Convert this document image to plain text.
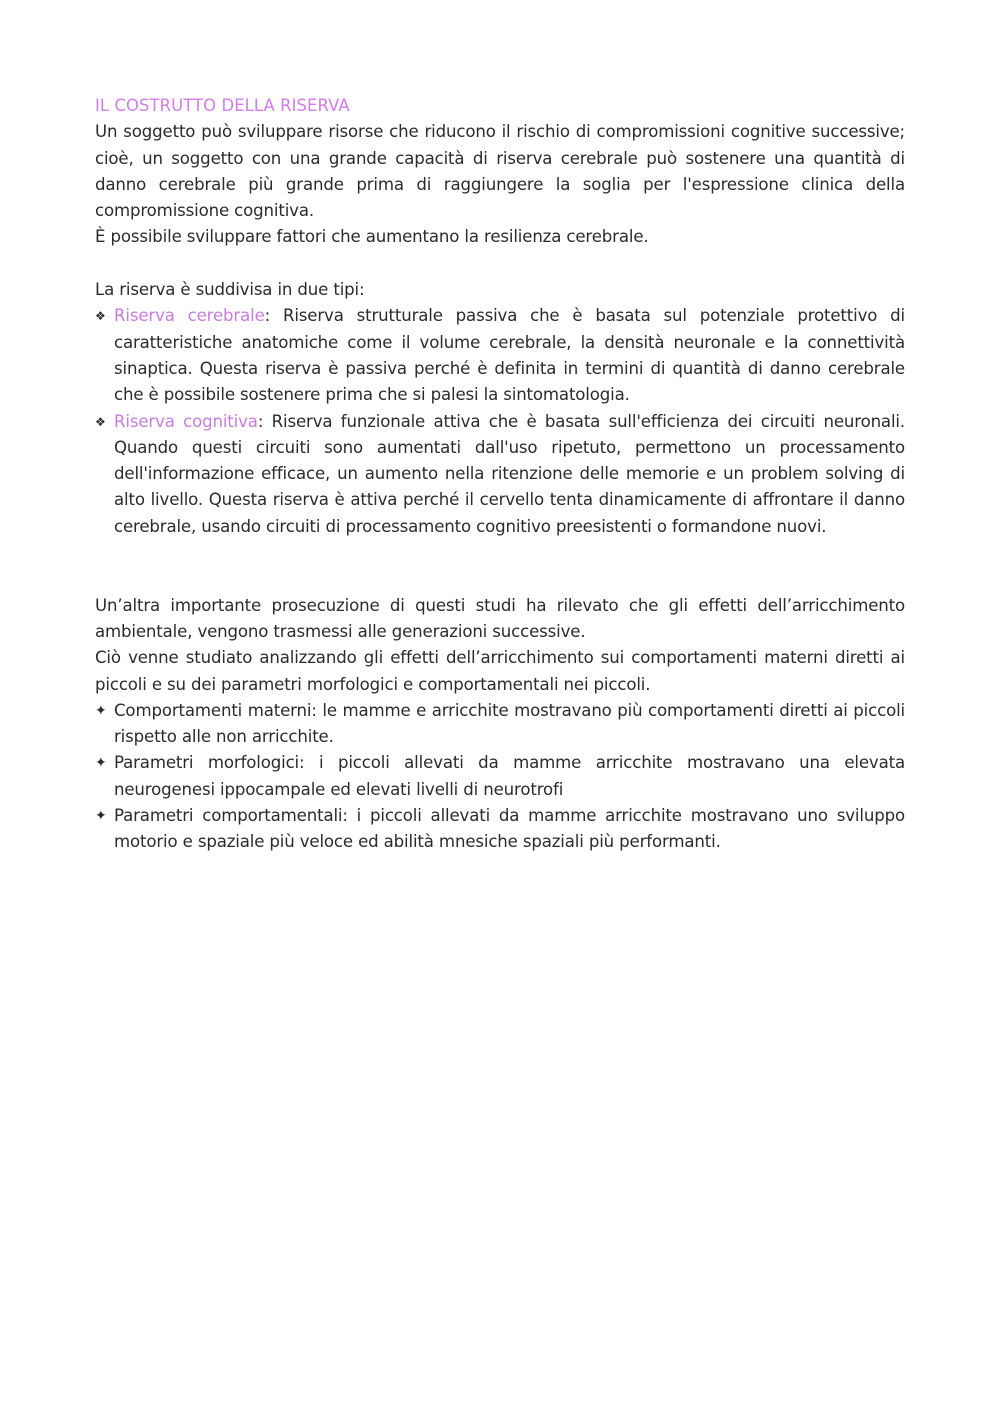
IL COSTRUTTO DELLA RISERVA

Un soggetto può sviluppare risorse che riducono il rischio di compromissioni cognitive successive; cioè, un soggetto con una grande capacità di riserva cerebrale può sostenere una quantità di danno cerebrale più grande prima di raggiungere la soglia per l'espressione clinica della compromissione cognitiva.

È possibile sviluppare fattori che aumentano la resilienza cerebrale.

La riserva è suddivisa in due tipi:

❖ Riserva cerebrale: Riserva strutturale passiva che è basata sul potenziale protettivo di caratteristiche anatomiche come il volume cerebrale, la densità neuronale e la connettività sinaptica. Questa riserva è passiva perché è definita in termini di quantità di danno cerebrale che è possibile sostenere prima che si palesi la sintomatologia.
❖ Riserva cognitiva: Riserva funzionale attiva che è basata sull'efficienza dei circuiti neuronali. Quando questi circuiti sono aumentati dall'uso ripetuto, permettono un processamento dell'informazione efficace, un aumento nella ritenzione delle memorie e un problem solving di alto livello. Questa riserva è attiva perché il cervello tenta dinamicamente di affrontare il danno cerebrale, usando circuiti di processamento cognitivo preesistenti o formandone nuovi.

Un’altra importante prosecuzione di questi studi ha rilevato che gli effetti dell’arricchimento ambientale, vengono trasmessi alle generazioni successive.

Ciò venne studiato analizzando gli effetti dell’arricchimento sui comportamenti materni diretti ai piccoli e su dei parametri morfologici e comportamentali nei piccoli.

✦ Comportamenti materni: le mamme e arricchite mostravano più comportamenti diretti ai piccoli rispetto alle non arricchite.
✦ Parametri morfologici: i piccoli allevati da mamme arricchite mostravano una elevata neurogenesi ippocampale ed elevati livelli di neurotrofi
✦ Parametri comportamentali: i piccoli allevati da mamme arricchite mostravano uno sviluppo motorio e spaziale più veloce ed abilità mnesiche spaziali più performanti.
